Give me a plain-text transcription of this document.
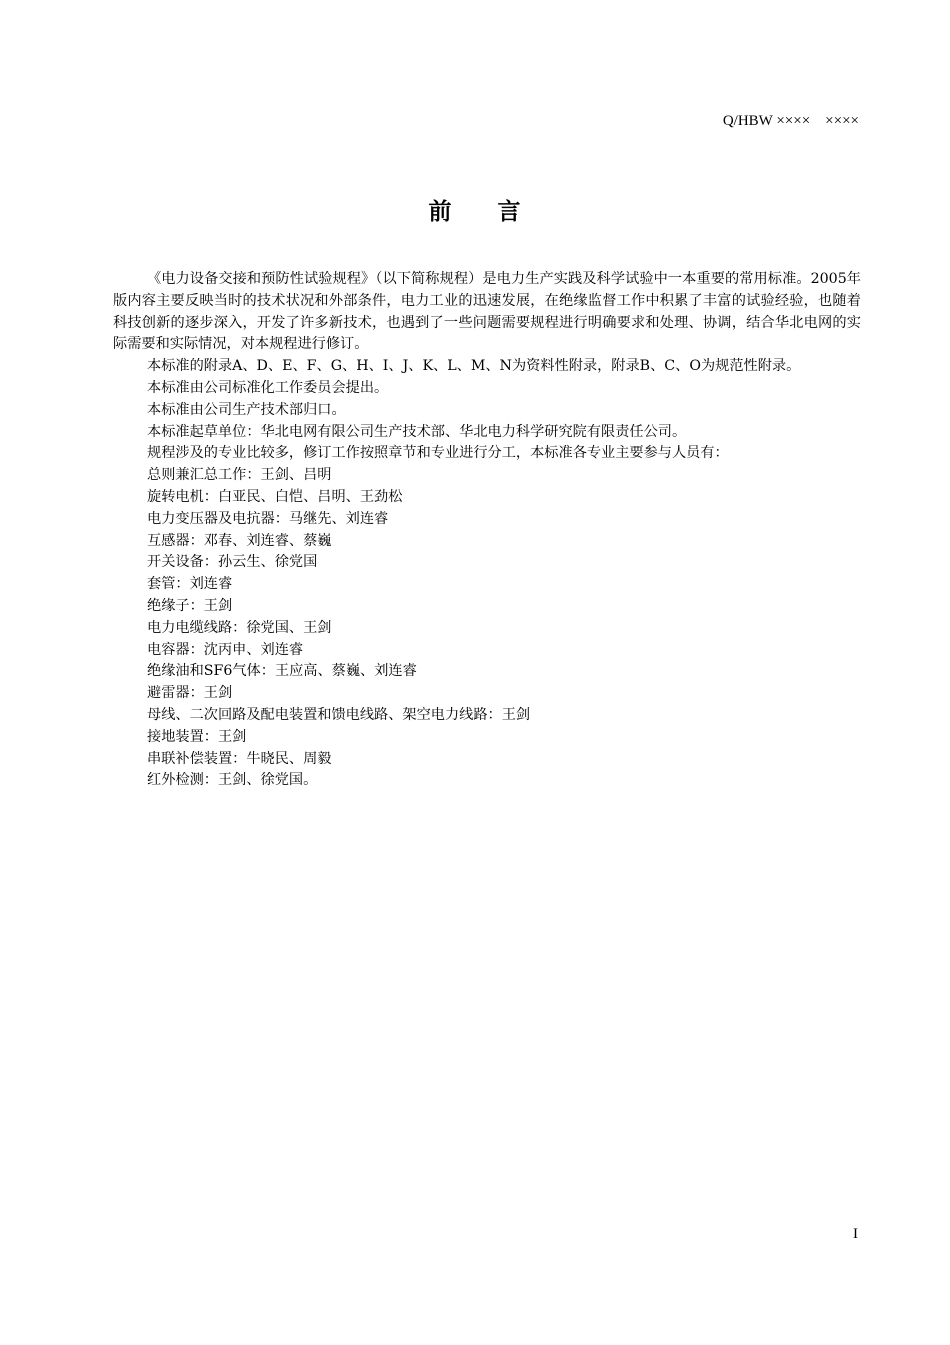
Q/HBW ××××    ××××
前     言

《电力设备交接和预防性试验规程》（以下简称规程）是电力生产实践及科学试验中一本重要的常用标准。2005年版内容主要反映当时的技术状况和外部条件，电力工业的迅速发展，在绝缘监督工作中积累了丰富的试验经验，也随着科技创新的逐步深入，开发了许多新技术，也遇到了一些问题需要规程进行明确要求和处理、协调，结合华北电网的实际需要和实际情况，对本规程进行修订。

本标准的附录A、D、E、F、G、H、I、J、K、L、M、N为资料性附录，附录B、C、O为规范性附录。

本标准由公司标准化工作委员会提出。

本标准由公司生产技术部归口。

本标准起草单位：华北电网有限公司生产技术部、华北电力科学研究院有限责任公司。

规程涉及的专业比较多，修订工作按照章节和专业进行分工，本标准各专业主要参与人员有：

总则兼汇总工作：王剑、吕明

旋转电机：白亚民、白恺、吕明、王劲松

电力变压器及电抗器：马继先、刘连睿

互感器：邓春、刘连睿、蔡巍

开关设备：孙云生、徐党国

套管：刘连睿

绝缘子：王剑

电力电缆线路：徐党国、王剑

电容器：沈丙申、刘连睿

绝缘油和SF6气体：王应高、蔡巍、刘连睿

避雷器：王剑

母线、二次回路及配电装置和馈电线路、架空电力线路：王剑

接地装置：王剑

串联补偿装置：牛晓民、周毅

红外检测：王剑、徐党国。

I
